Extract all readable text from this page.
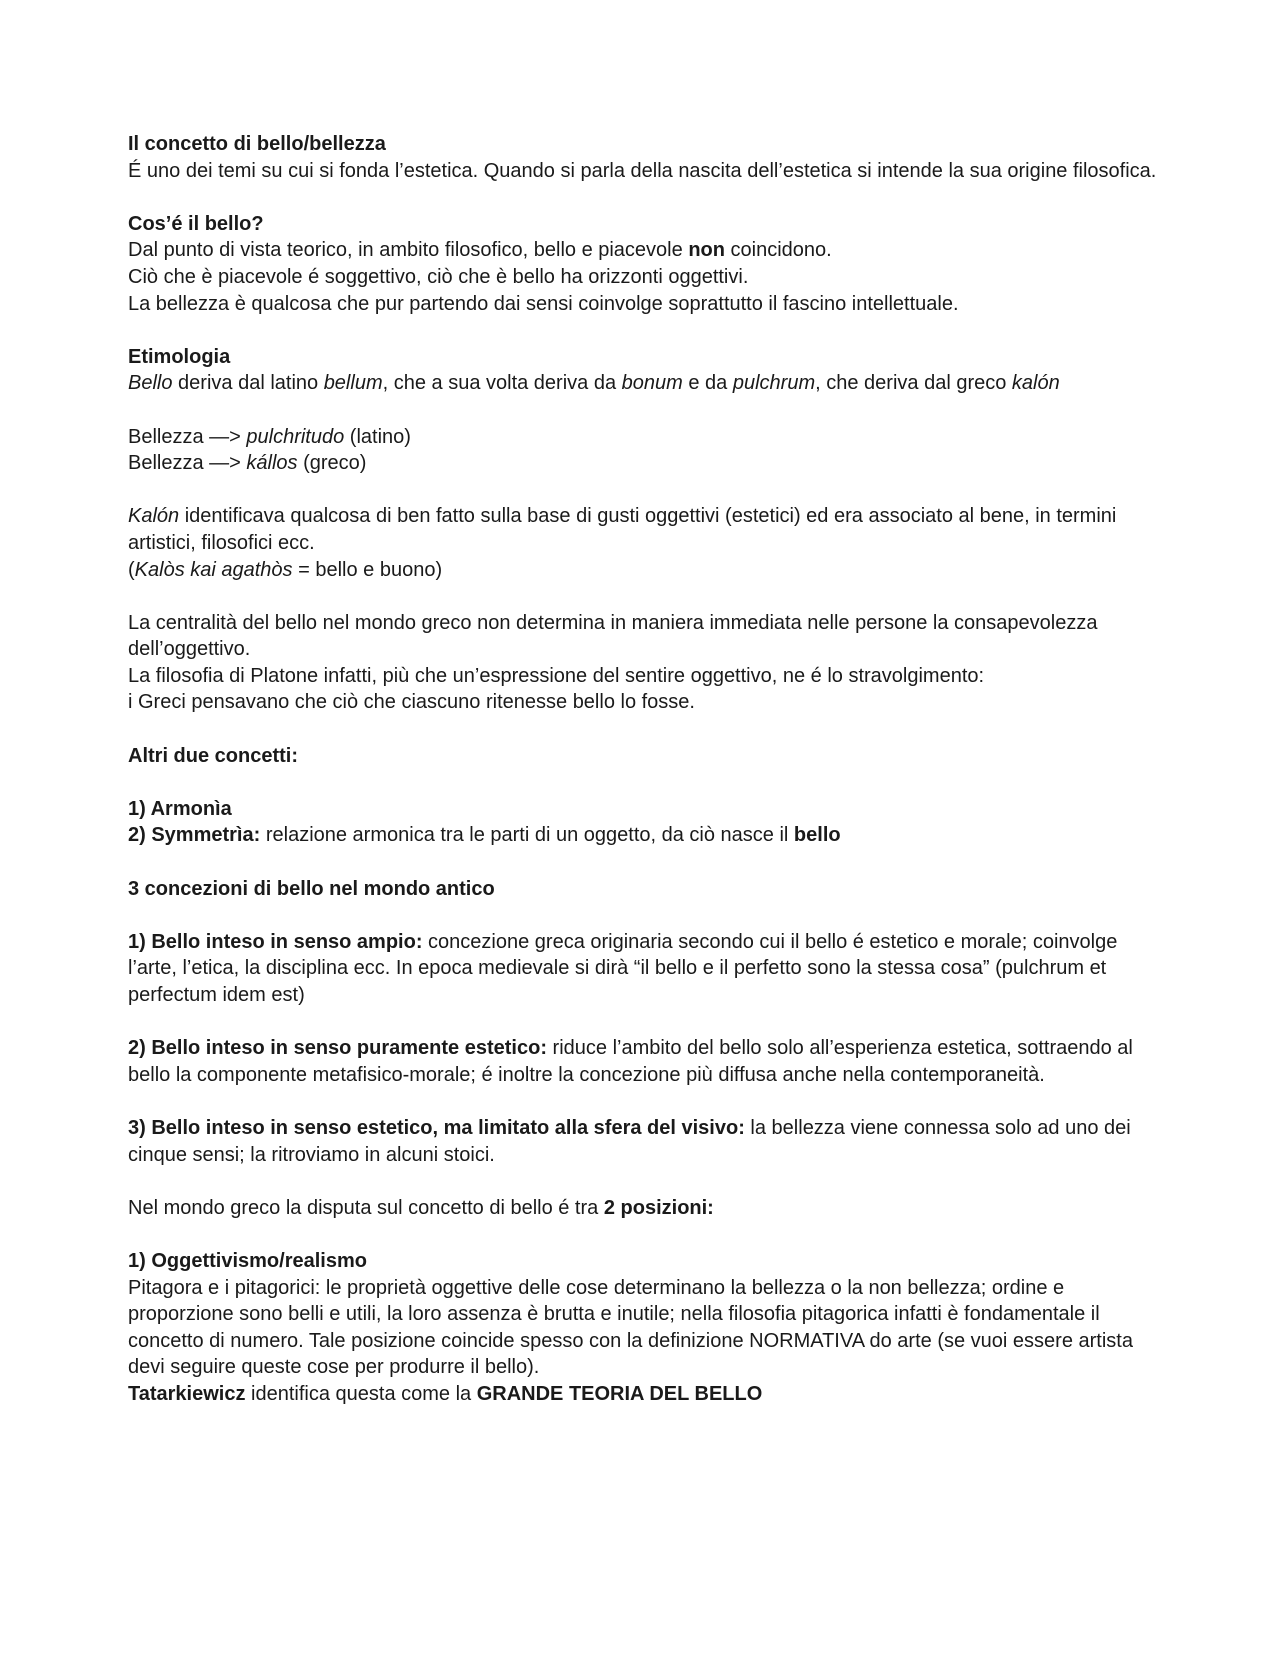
Il concetto di bello/bellezza
É uno dei temi su cui si fonda l’estetica. Quando si parla della nascita dell’estetica si intende la sua origine filosofica.
Cos’é il bello?
Dal punto di vista teorico, in ambito filosofico, bello e piacevole non coincidono.
Ciò che è piacevole é soggettivo, ciò che è bello ha orizzonti oggettivi.
La bellezza è qualcosa che pur partendo dai sensi coinvolge soprattutto il fascino intellettuale.
Etimologia
Bello deriva dal latino bellum, che a sua volta deriva da bonum e da pulchrum, che deriva dal greco kalón
Bellezza —> pulchritudo (latino)
Bellezza —> kállos (greco)
Kalón identificava qualcosa di ben fatto sulla base di gusti oggettivi (estetici) ed era associato al bene, in termini artistici, filosofici ecc.
(Kalòs kai agathòs = bello e buono)
La centralità del bello nel mondo greco non determina in maniera immediata nelle persone la consapevolezza dell’oggettivo.
La filosofia di Platone infatti, più che un’espressione del sentire oggettivo, ne é lo stravolgimento:
i Greci pensavano che ciò che ciascuno ritenesse bello lo fosse.
Altri due concetti:
1) Armonìa
2) Symmetrìa: relazione armonica tra le parti di un oggetto, da ciò nasce il bello
3 concezioni di bello nel mondo antico
1) Bello inteso in senso ampio: concezione greca originaria secondo cui il bello é estetico e morale; coinvolge l’arte, l’etica, la disciplina ecc. In epoca medievale si dirà “il bello e il perfetto sono la stessa cosa” (pulchrum et perfectum idem est)
2) Bello inteso in senso puramente estetico: riduce l’ambito del bello solo all’esperienza estetica, sottraendo al bello la componente metafisico-morale; é inoltre la concezione più diffusa anche nella contemporaneità.
3) Bello inteso in senso estetico, ma limitato alla sfera del visivo: la bellezza viene connessa solo ad uno dei cinque sensi; la ritroviamo in alcuni stoici.
Nel mondo greco la disputa sul concetto di bello é tra 2 posizioni:
1) Oggettivismo/realismo
Pitagora e i pitagorici: le proprietà oggettive delle cose determinano la bellezza o la non bellezza; ordine e proporzione sono belli e utili, la loro assenza è brutta e inutile; nella filosofia pitagorica infatti è fondamentale il concetto di numero. Tale posizione coincide spesso con la definizione NORMATIVA do arte (se vuoi essere artista devi seguire queste cose per produrre il bello).
Tatarkiewicz identifica questa come la GRANDE TEORIA DEL BELLO
